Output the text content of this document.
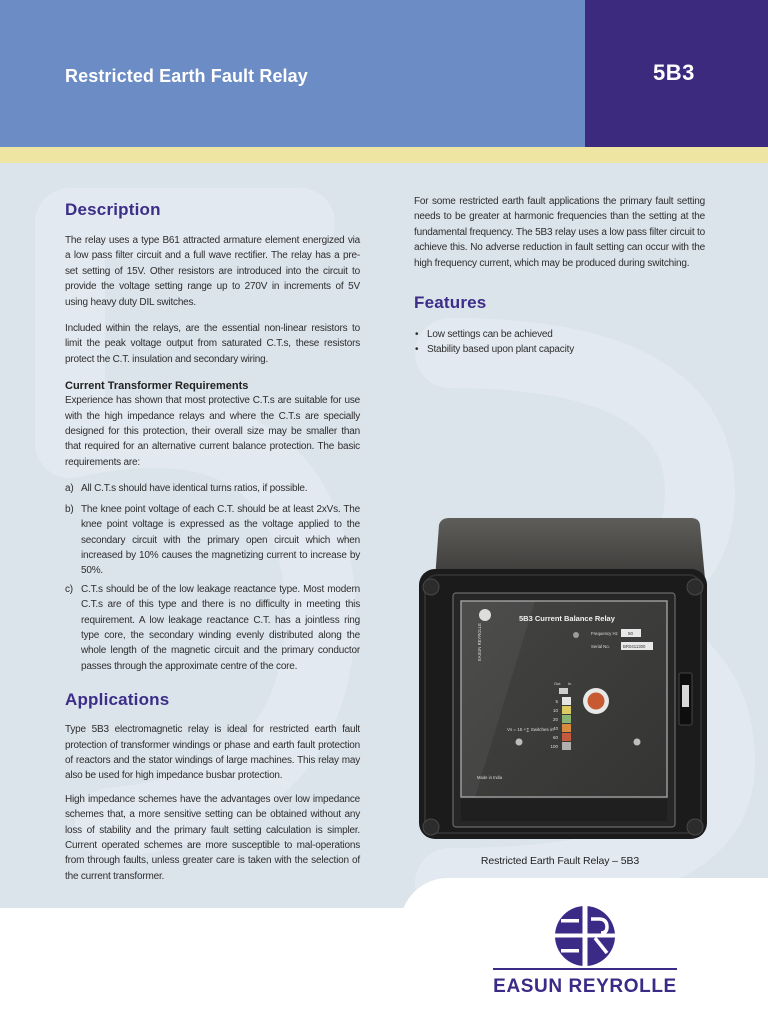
Restricted Earth Fault Relay	5B3
Description

The relay uses a type B61 attracted armature element energized via a low pass filter circuit and a full wave rectifier. The relay has a pre-set setting of 15V. Other resistors are introduced into the circuit to provide the voltage setting range up to 270V in increments of 5V using heavy duty DIL switches.

Included within the relays, are the essential non-linear resistors to limit the peak voltage output from saturated C.T.s, these resistors protect the C.T. insulation and secondary wiring.

Current Transformer Requirements

Experience has shown that most protective C.T.s are suitable for use with the high impedance relays and where the C.T.s are specially designed for this protection, their overall size may be smaller than that required for an alternative current balance protection. The basic requirements are:

a) All C.T.s should have identical turns ratios, if possible.
b) The knee point voltage of each C.T. should be at least 2xVs. The knee point voltage is expressed as the voltage applied to the secondary circuit with the primary open circuit which when increased by 10% causes the magnetizing current to increase by 50%.
c) C.T.s should be of the low leakage reactance type. Most modern C.T.s are of this type and there is no difficulty in meeting this requirement. A low leakage reactance C.T. has a jointless ring type core, the secondary winding evenly distributed along the whole length of the magnetic circuit and the primary conductor passes through the approximate centre of the core.
Applications

Type 5B3 electromagnetic relay is ideal for restricted earth fault protection of transformer windings or phase and earth fault protection of reactors and the stator windings of large machines. This relay may also be used for high impedance busbar protection.

High impedance schemes have the advantages over low impedance schemes that, a more sensitive setting can be obtained without any loss of stability and the primary fault setting calculation is simpler. Current operated schemes are more susceptible to mal-operations from through faults, unless greater care is taken with the selection of the current transformer.

For some restricted earth fault applications the primary fault setting needs to be greater at harmonic frequencies than the setting at the fundamental frequency. The 5B3 relay uses a low pass filter circuit to achieve this. No adverse reduction in fault setting can occur with the high frequency current, which may be produced during switching.

Features
• Low settings can be achieved
• Stability based upon plant capacity
EASUN REYROLLE
5B3 Current Balance Relay
Frequency Hz 50
Serial No.	BR0411300
Out In
5
10
20
40
60
100
Vs = 15 +∑ Switches in
Made in India
Restricted Earth Fault Relay – 5B3
EASUN REYROLLE
